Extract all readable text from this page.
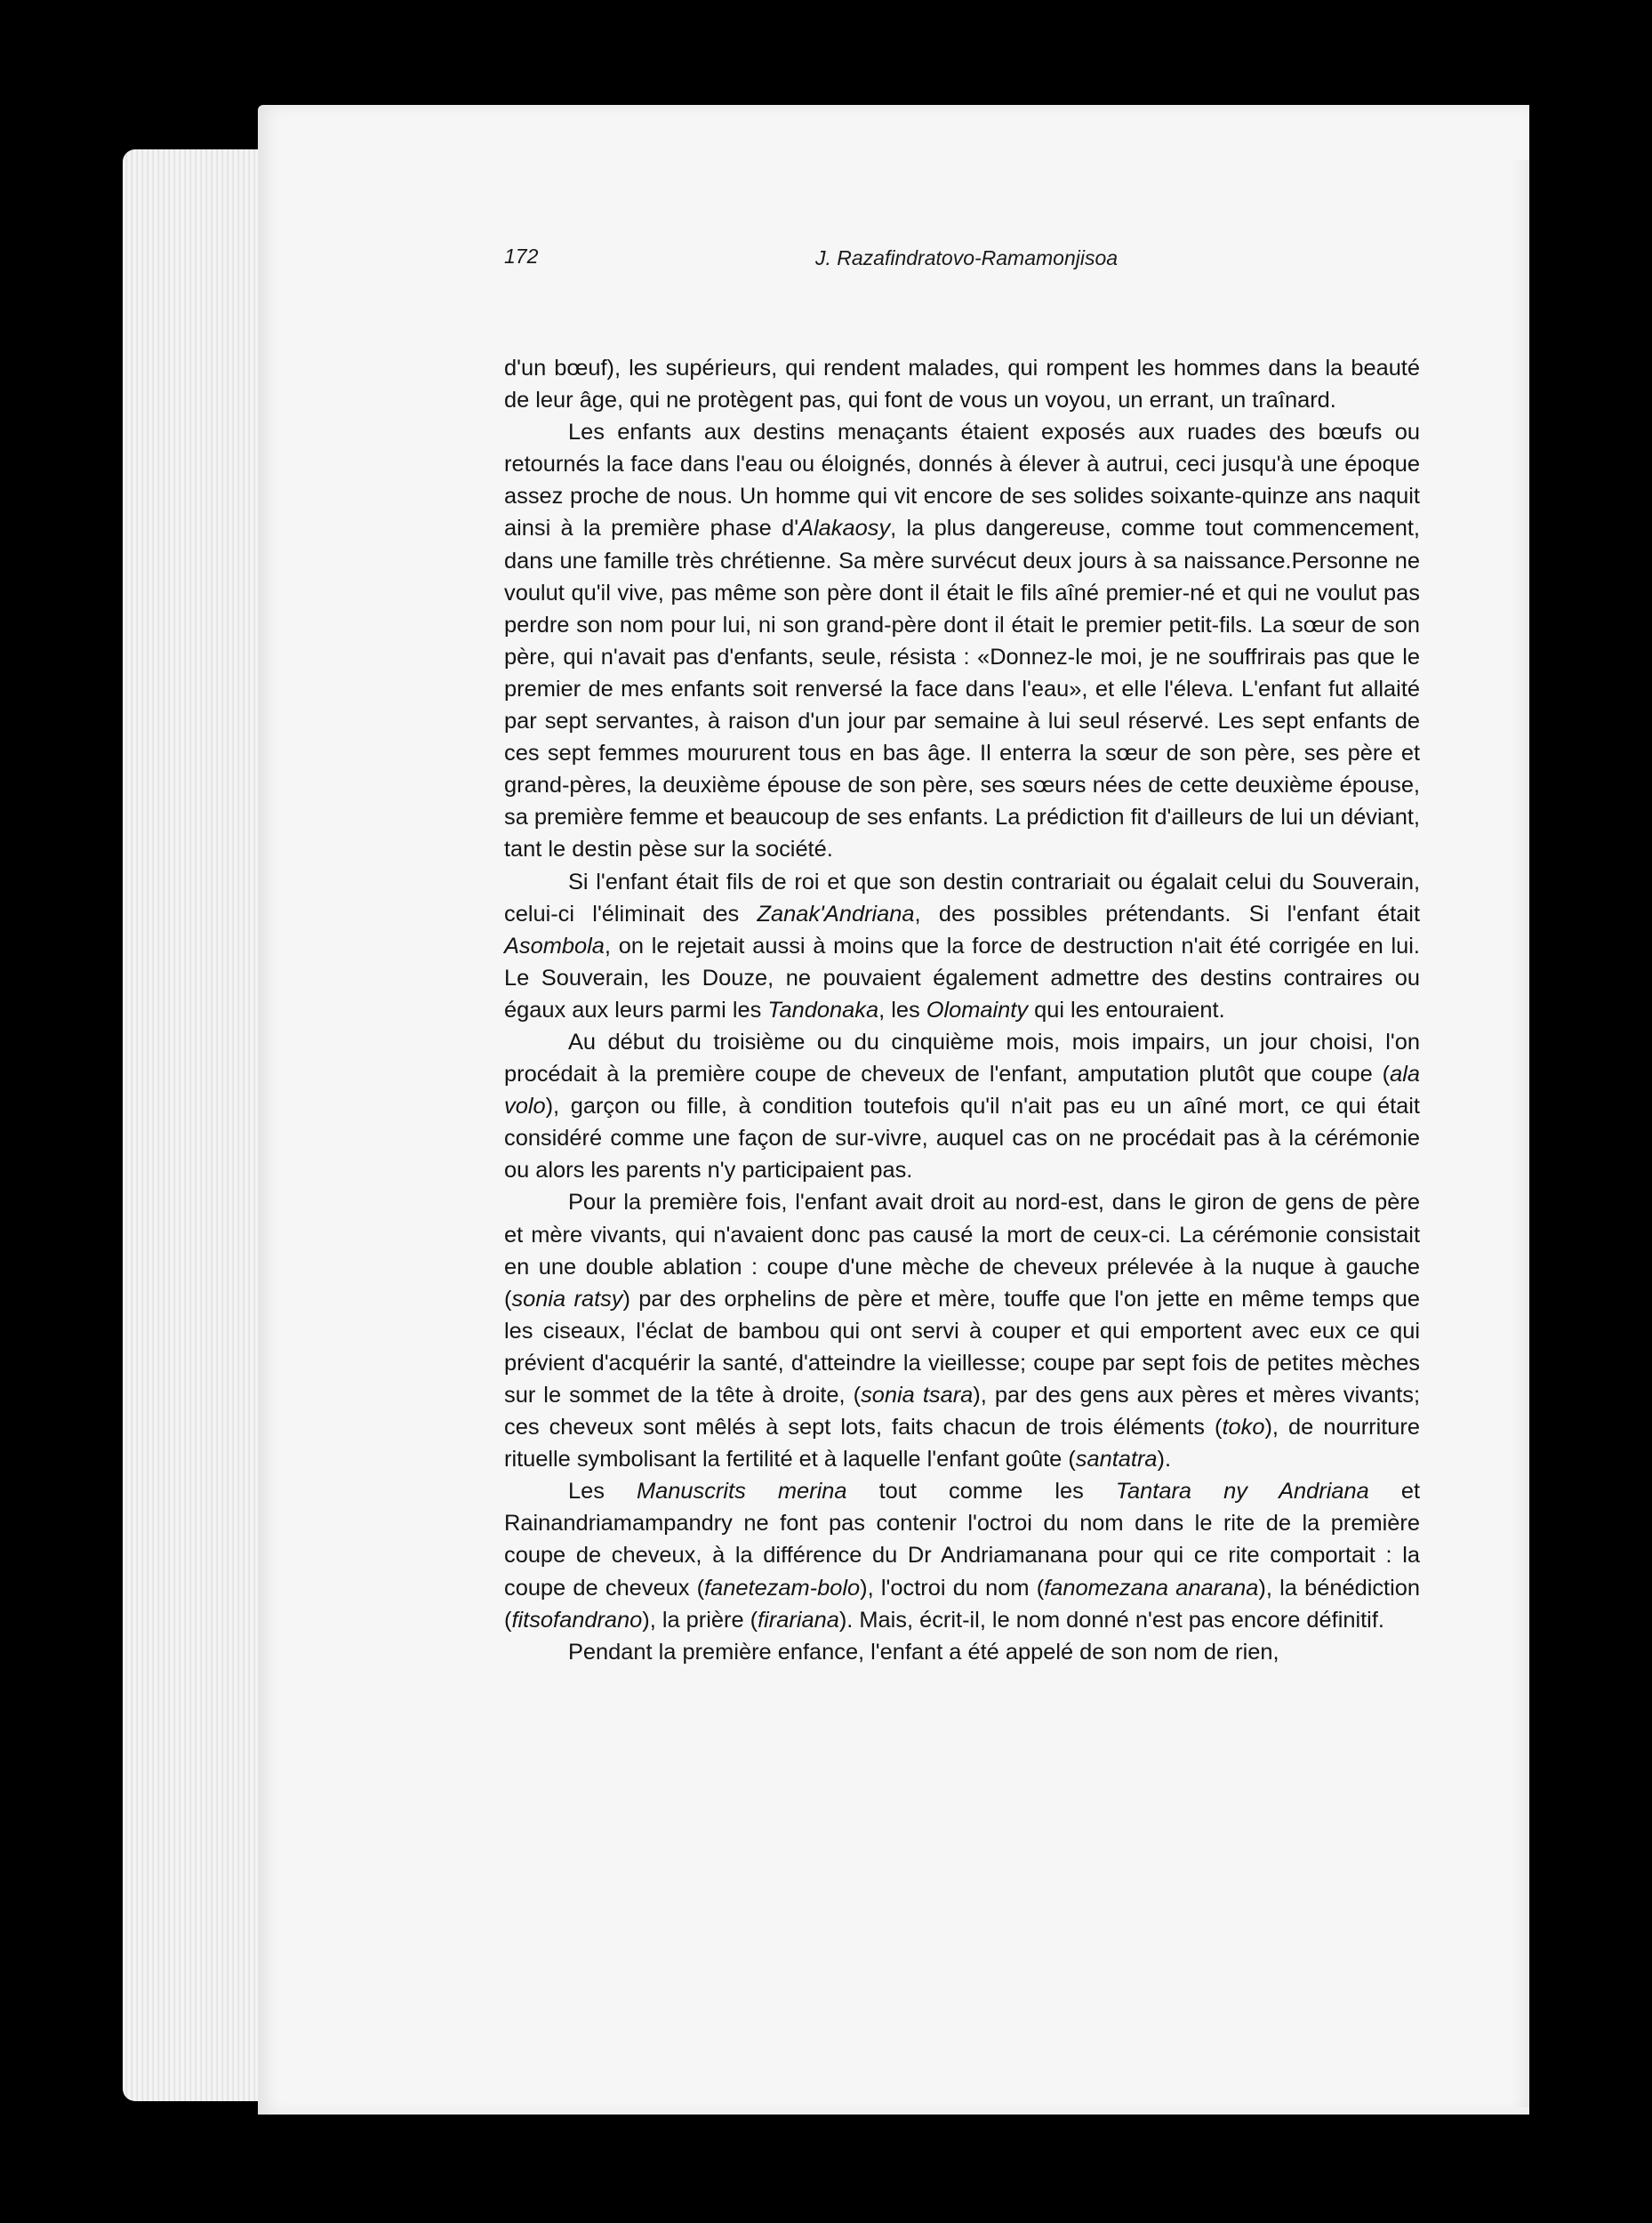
172	J. Razafindratovo-Ramamonjisoa

d'un bœuf), les supérieurs, qui rendent malades, qui rompent les hommes dans la beauté de leur âge, qui ne protègent pas, qui font de vous un voyou, un errant, un traînard.

Les enfants aux destins menaçants étaient exposés aux ruades des bœufs ou retournés la face dans l'eau ou éloignés, donnés à élever à autrui, ceci jusqu'à une époque assez proche de nous. Un homme qui vit encore de ses solides soixante-quinze ans naquit ainsi à la première phase d'Alakaosy, la plus dangereuse, comme tout commencement, dans une famille très chrétienne. Sa mère survécut deux jours à sa naissance.Personne ne voulut qu'il vive, pas même son père dont il était le fils aîné premier-né et qui ne voulut pas perdre son nom pour lui, ni son grand-père dont il était le premier petit-fils. La sœur de son père, qui n'avait pas d'enfants, seule, résista : «Donnez-le moi, je ne souffrirais pas que le premier de mes enfants soit renversé la face dans l'eau», et elle l'éleva. L'enfant fut allaité par sept servantes, à raison d'un jour par semaine à lui seul réservé. Les sept enfants de ces sept femmes moururent tous en bas âge. Il enterra la sœur de son père, ses père et grand-pères, la deuxième épouse de son père, ses sœurs nées de cette deuxième épouse, sa première femme et beaucoup de ses enfants. La prédiction fit d'ailleurs de lui un déviant, tant le destin pèse sur la société.

Si l'enfant était fils de roi et que son destin contrariait ou égalait celui du Souverain, celui-ci l'éliminait des Zanak'Andriana, des possibles prétendants. Si l'enfant était Asombola, on le rejetait aussi à moins que la force de destruction n'ait été corrigée en lui. Le Souverain, les Douze, ne pouvaient également admettre des destins contraires ou égaux aux leurs parmi les Tandonaka, les Olomainty qui les entouraient.

Au début du troisième ou du cinquième mois, mois impairs, un jour choisi, l'on procédait à la première coupe de cheveux de l'enfant, amputation plutôt que coupe (ala volo), garçon ou fille, à condition toutefois qu'il n'ait pas eu un aîné mort, ce qui était considéré comme une façon de sur-vivre, auquel cas on ne procédait pas à la cérémonie ou alors les parents n'y participaient pas.

Pour la première fois, l'enfant avait droit au nord-est, dans le giron de gens de père et mère vivants, qui n'avaient donc pas causé la mort de ceux-ci. La cérémonie consistait en une double ablation : coupe d'une mèche de cheveux prélevée à la nuque à gauche (sonia ratsy) par des orphelins de père et mère, touffe que l'on jette en même temps que les ciseaux, l'éclat de bambou qui ont servi à couper et qui emportent avec eux ce qui prévient d'acquérir la santé, d'atteindre la vieillesse; coupe par sept fois de petites mèches sur le sommet de la tête à droite, (sonia tsara), par des gens aux pères et mères vivants; ces cheveux sont mêlés à sept lots, faits chacun de trois éléments (toko), de nourriture rituelle symbolisant la fertilité et à laquelle l'enfant goûte (santatra).

Les Manuscrits merina tout comme les Tantara ny Andriana et Rainandriamampandry ne font pas contenir l'octroi du nom dans le rite de la première coupe de cheveux, à la différence du Dr Andriamanana pour qui ce rite comportait : la coupe de cheveux (fanetezam-bolo), l'octroi du nom (fanomezana anarana), la bénédiction (fitsofandrano), la prière (firariana). Mais, écrit-il, le nom donné n'est pas encore définitif.

Pendant la première enfance, l'enfant a été appelé de son nom de rien,
